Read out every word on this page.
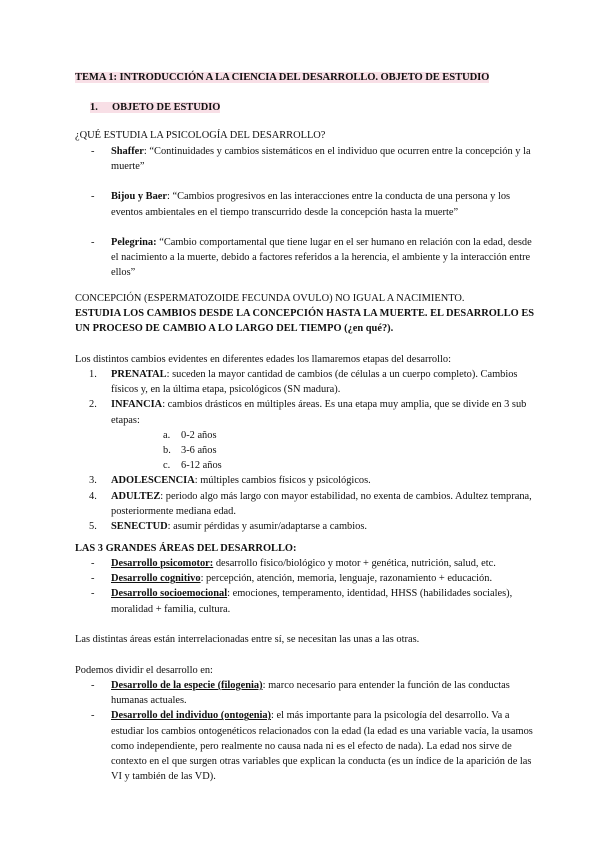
TEMA 1: INTRODUCCIÓN A LA CIENCIA DEL DESARROLLO. OBJETO DE ESTUDIO
1. OBJETO DE ESTUDIO
¿QUÉ ESTUDIA LA PSICOLOGÍA DEL DESARROLLO?
- Shaffer: “Continuidades y cambios sistemáticos en el individuo que ocurren entre la concepción y la muerte”
- Bijou y Baer: “Cambios progresivos en las interacciones entre la conducta de una persona y los eventos ambientales en el tiempo transcurrido desde la concepción hasta la muerte”
- Pelegrina: “Cambio comportamental que tiene lugar en el ser humano en relación con la edad, desde el nacimiento a la muerte, debido a factores referidos a la herencia, el ambiente y la interacción entre ellos”
CONCEPCIÓN (ESPERMATOZOIDE FECUNDA OVULO) NO IGUAL A NACIMIENTO.
ESTUDIA LOS CAMBIOS DESDE LA CONCEPCIÓN HASTA LA MUERTE. EL DESARROLLO ES UN PROCESO DE CAMBIO A LO LARGO DEL TIEMPO (¿en qué?).
Los distintos cambios evidentes en diferentes edades los llamaremos etapas del desarrollo:
1. PRENATAL: suceden la mayor cantidad de cambios (de células a un cuerpo completo). Cambios físicos y, en la última etapa, psicológicos (SN madura).
2. INFANCIA: cambios drásticos en múltiples áreas. Es una etapa muy amplia, que se divide en 3 sub etapas:
a. 0-2 años
b. 3-6 años
c. 6-12 años
3. ADOLESCENCIA: múltiples cambios físicos y psicológicos.
4. ADULTEZ: periodo algo más largo con mayor estabilidad, no exenta de cambios. Adultez temprana, posteriormente mediana edad.
5. SENECTUD: asumir pérdidas y asumir/adaptarse a cambios.
LAS 3 GRANDES ÁREAS DEL DESARROLLO:
- Desarrollo psicomotor: desarrollo físico/biológico y motor + genética, nutrición, salud, etc.
- Desarrollo cognitivo: percepción, atención, memoria, lenguaje, razonamiento + educación.
- Desarrollo socioemocional: emociones, temperamento, identidad, HHSS (habilidades sociales), moralidad + familia, cultura.
Las distintas áreas están interrelacionadas entre sí, se necesitan las unas a las otras.
Podemos dividir el desarrollo en:
- Desarrollo de la especie (filogenia): marco necesario para entender la función de las conductas humanas actuales.
- Desarrollo del individuo (ontogenia): el más importante para la psicología del desarrollo. Va a estudiar los cambios ontogenéticos relacionados con la edad (la edad es una variable vacía, la usamos como independiente, pero realmente no causa nada ni es el efecto de nada). La edad nos sirve de contexto en el que surgen otras variables que explican la conducta (es un índice de la aparición de las VI y también de las VD).
